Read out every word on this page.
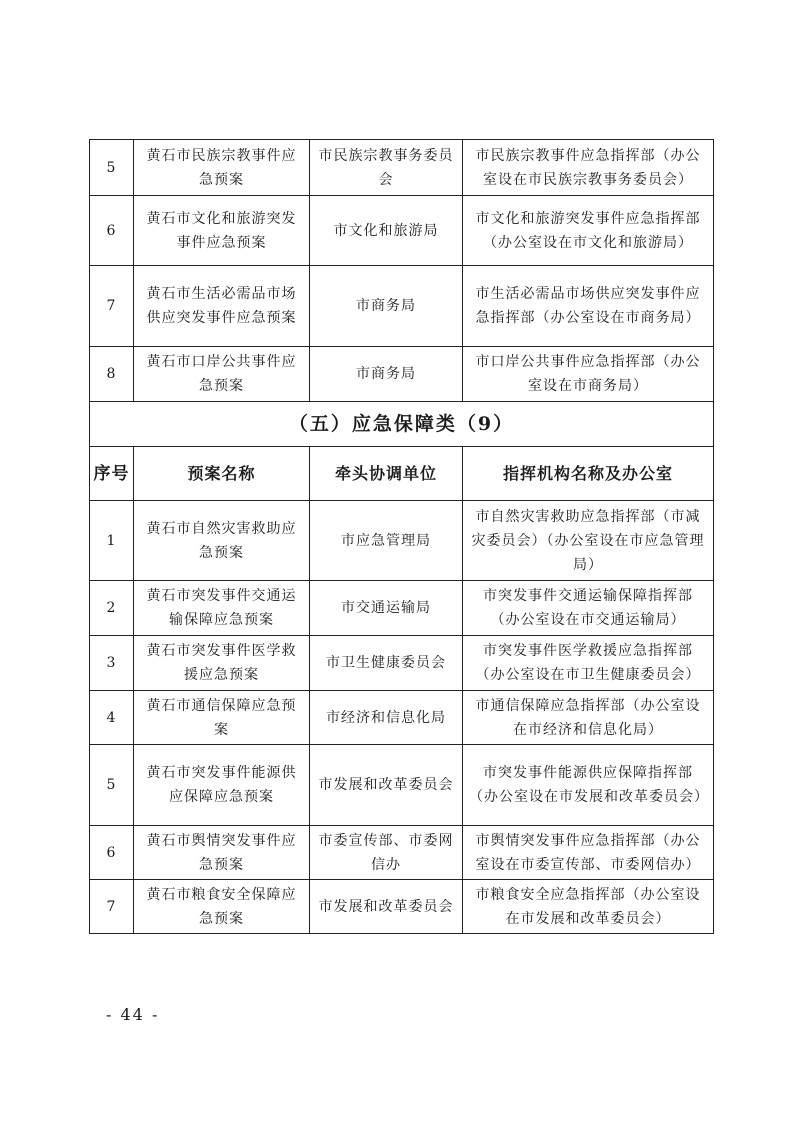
5	黄石市民族宗教事件应急预案	市民族宗教事务委员会	市民族宗教事件应急指挥部（办公室设在市民族宗教事务委员会）
6	黄石市文化和旅游突发事件应急预案	市文化和旅游局	市文化和旅游突发事件应急指挥部（办公室设在市文化和旅游局）
7	黄石市生活必需品市场供应突发事件应急预案	市商务局	市生活必需品市场供应突发事件应急指挥部（办公室设在市商务局）
8	黄石市口岸公共事件应急预案	市商务局	市口岸公共事件应急指挥部（办公室设在市商务局）
（五）应急保障类（9）			
序号	预案名称	牵头协调单位	指挥机构名称及办公室
1	黄石市自然灾害救助应急预案	市应急管理局	市自然灾害救助应急指挥部（市减灾委员会）（办公室设在市应急管理局）
2	黄石市突发事件交通运输保障应急预案	市交通运输局	市突发事件交通运输保障指挥部（办公室设在市交通运输局）
3	黄石市突发事件医学救援应急预案	市卫生健康委员会	市突发事件医学救援应急指挥部（办公室设在市卫生健康委员会）
4	黄石市通信保障应急预案	市经济和信息化局	市通信保障应急指挥部（办公室设在市经济和信息化局）
5	黄石市突发事件能源供应保障应急预案	市发展和改革委员会	市突发事件能源供应保障指挥部（办公室设在市发展和改革委员会）
6	黄石市舆情突发事件应急预案	市委宣传部、市委网信办	市舆情突发事件应急指挥部（办公室设在市委宣传部、市委网信办）
7	黄石市粮食安全保障应急预案	市发展和改革委员会	市粮食安全应急指挥部（办公室设在市发展和改革委员会）
- 44 -
